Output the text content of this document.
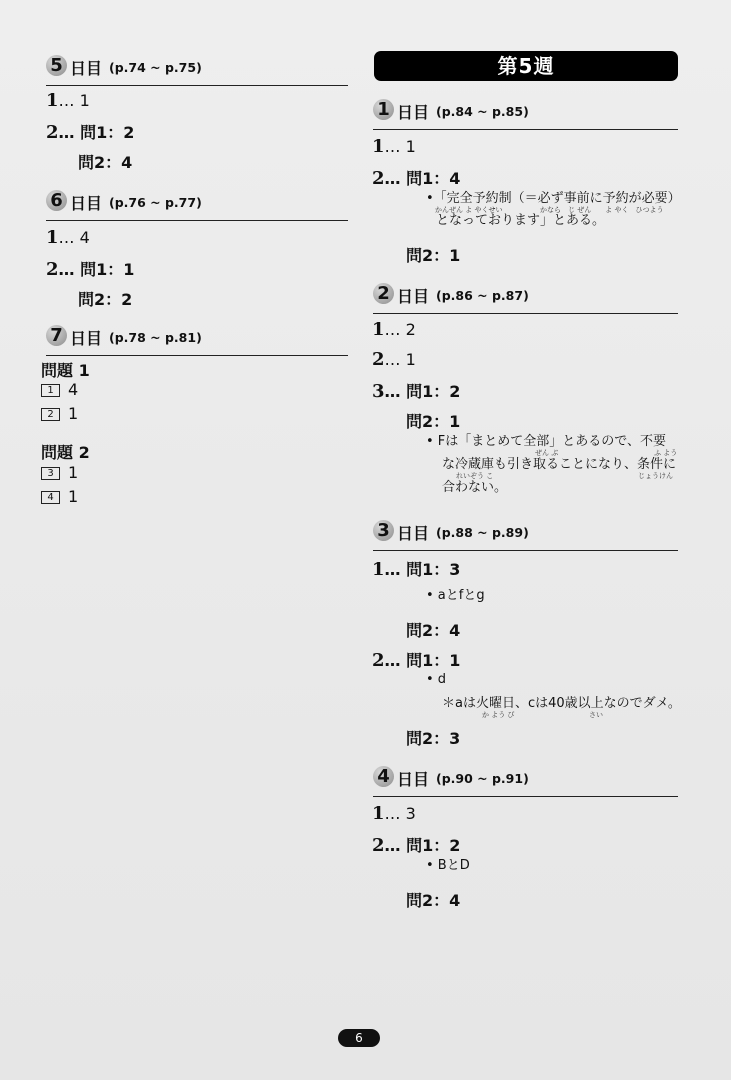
5 日目 (p.74 ~ p.75)
1… 1
2… 問1：2
問2：4
6 日目 (p.76 ~ p.77)
1… 4
2… 問1：1
問2：2
7 日目 (p.78 ~ p.81)
問題 1
1 4
2 1
問題 2
3 1
4 1
第5週
1 日目 (p.84 ~ p.85)
1… 1
2… 問1：4
•「完全予約制（＝必ず事前に予約が必要）
かんぜん よ やくせい	かなら　じ ぜん　　よ やく　ひつよう
となっております」とある。
問2：1
2 日目 (p.86 ~ p.87)
1… 2
2… 1
3… 問1：2
問2：1
• Fは「まとめて全部」とあるので、不要
ぜん ぶ	ふ よう
な冷蔵庫も引き取ることになり、条件に
れいぞう こ	じょうけん
合わない。
3 日目 (p.88 ~ p.89)
1… 問1：3
• aとfとg
問2：4
2… 問1：1
• d
＊aは火曜日、cは40歳以上なのでダメ。
か よう び	さい
問2：3
4 日目 (p.90 ~ p.91)
1… 3
2… 問1：2
• BとD
問2：4
6
